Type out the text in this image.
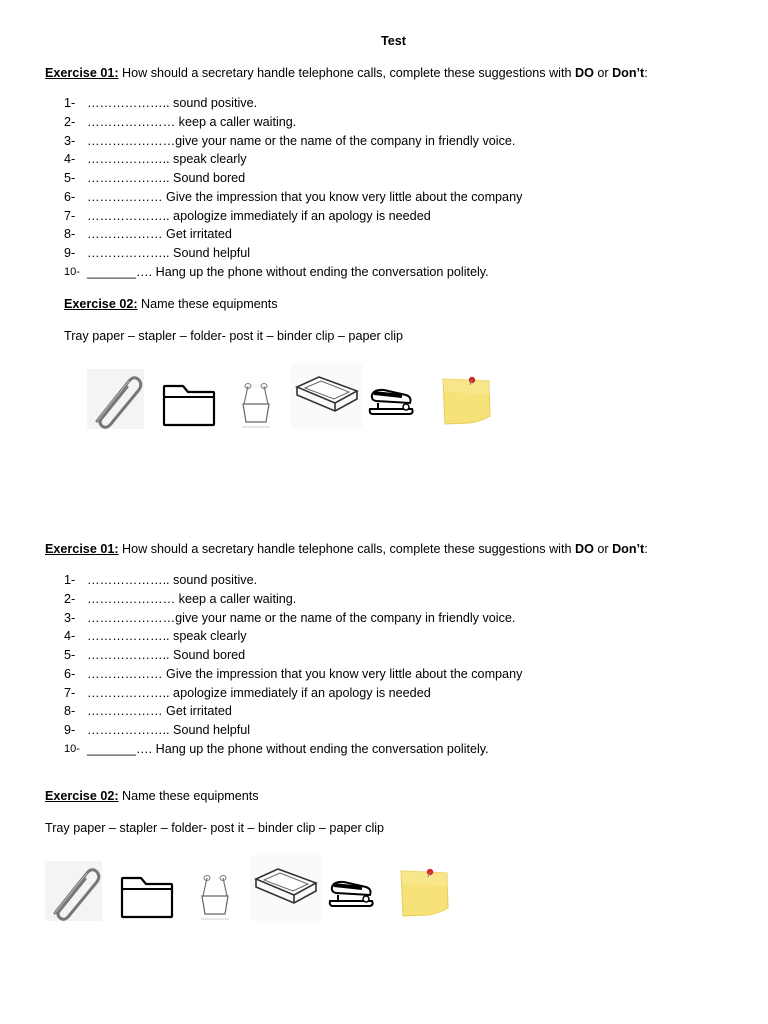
Test
Exercise 01: How should a secretary handle telephone calls, complete these suggestions with DO or Don’t:
1- ……………….. sound positive.
2- ………………… keep a caller waiting.
3- …………………give your name or the name of the company in friendly voice.
4- ……………….. speak clearly
5- ……………….. Sound bored
6- ……………… Give the impression that you know very little about the company
7- ……………….. apologize immediately if an apology is needed
8- ……………… Get irritated
9- ……………….. Sound helpful
10- _______…. Hang up the phone without ending the conversation politely.
Exercise 02: Name these equipments
Tray paper – stapler – folder- post it – binder clip – paper clip
Exercise 01: How should a secretary handle telephone calls, complete these suggestions with DO or Don’t:
1- ……………….. sound positive.
2- ………………… keep a caller waiting.
3- …………………give your name or the name of the company in friendly voice.
4- ……………….. speak clearly
5- ……………….. Sound bored
6- ……………… Give the impression that you know very little about the company
7- ……………….. apologize immediately if an apology is needed
8- ……………… Get irritated
9- ……………….. Sound helpful
10- _______…. Hang up the phone without ending the conversation politely.
Exercise 02: Name these equipments
Tray paper – stapler – folder- post it – binder clip – paper clip
